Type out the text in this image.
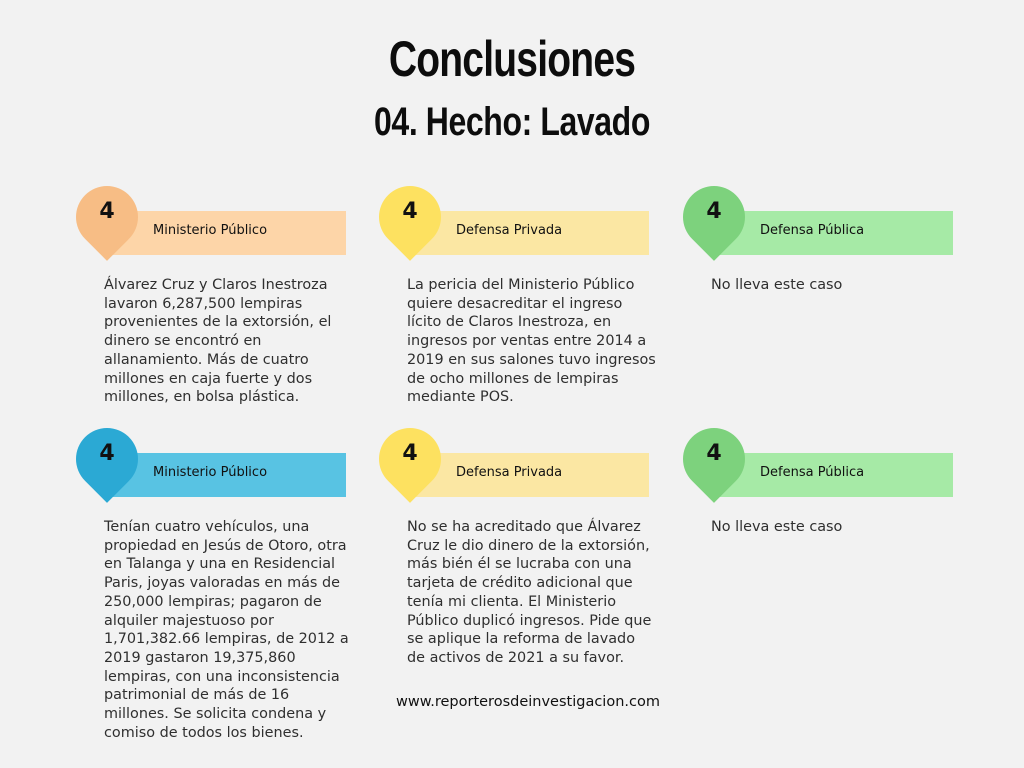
Conclusiones
04. Hecho: Lavado
4
Ministerio Público

Álvarez Cruz y Claros Inestroza lavaron 6,287,500 lempiras provenientes de la extorsión, el dinero se encontró en allanamiento. Más de cuatro millones en caja fuerte y dos millones, en bolsa plástica.

4
Defensa Privada

La pericia del Ministerio Público quiere desacreditar el ingreso lícito de Claros Inestroza, en ingresos por ventas entre 2014 a 2019 en sus salones tuvo ingresos de ocho millones de lempiras mediante POS.

4
Defensa Pública

No lleva este caso

4
Ministerio Público

Tenían cuatro vehículos, una propiedad en Jesús de Otoro, otra en Talanga y una en Residencial Paris, joyas valoradas en más de 250,000 lempiras; pagaron de alquiler majestuoso por 1,701,382.66 lempiras, de 2012 a 2019 gastaron 19,375,860 lempiras, con una inconsistencia patrimonial de más de 16 millones. Se solicita condena y comiso de todos los bienes.

4
Defensa Privada

No se ha acreditado que Álvarez Cruz le dio dinero de la extorsión, más bién él se lucraba con una tarjeta de crédito adicional que tenía mi clienta. El Ministerio Público duplicó ingresos. Pide que se aplique la reforma de lavado de activos de 2021 a su favor.

4
Defensa Pública

No lleva este caso

www.reporterosdeinvestigacion.com
